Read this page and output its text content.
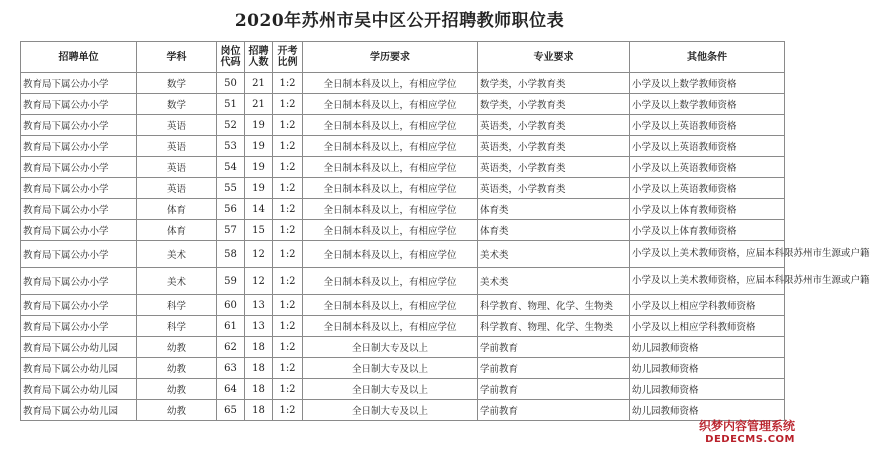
2020年苏州市吴中区公开招聘教师职位表
招聘单位	学科	岗位代码	招聘人数	开考比例	学历要求	专业要求	其他条件
教育局下属公办小学	数学	50	21	1:2	全日制本科及以上，有相应学位	数学类，小学教育类	小学及以上数学教师资格
教育局下属公办小学	数学	51	21	1:2	全日制本科及以上，有相应学位	数学类，小学教育类	小学及以上数学教师资格
教育局下属公办小学	英语	52	19	1:2	全日制本科及以上，有相应学位	英语类，小学教育类	小学及以上英语教师资格
教育局下属公办小学	英语	53	19	1:2	全日制本科及以上，有相应学位	英语类，小学教育类	小学及以上英语教师资格
教育局下属公办小学	英语	54	19	1:2	全日制本科及以上，有相应学位	英语类，小学教育类	小学及以上英语教师资格
教育局下属公办小学	英语	55	19	1:2	全日制本科及以上，有相应学位	英语类，小学教育类	小学及以上英语教师资格
教育局下属公办小学	体育	56	14	1:2	全日制本科及以上，有相应学位	体育类	小学及以上体育教师资格
教育局下属公办小学	体育	57	15	1:2	全日制本科及以上，有相应学位	体育类	小学及以上体育教师资格
教育局下属公办小学	美术	58	12	1:2	全日制本科及以上，有相应学位	美术类	小学及以上美术教师资格，应届本科限苏州市生源或户籍
教育局下属公办小学	美术	59	12	1:2	全日制本科及以上，有相应学位	美术类	小学及以上美术教师资格，应届本科限苏州市生源或户籍
教育局下属公办小学	科学	60	13	1:2	全日制本科及以上，有相应学位	科学教育、物理、化学、生物类	小学及以上相应学科教师资格
教育局下属公办小学	科学	61	13	1:2	全日制本科及以上，有相应学位	科学教育、物理、化学、生物类	小学及以上相应学科教师资格
教育局下属公办幼儿园	幼教	62	18	1:2	全日制大专及以上	学前教育	幼儿园教师资格
教育局下属公办幼儿园	幼教	63	18	1:2	全日制大专及以上	学前教育	幼儿园教师资格
教育局下属公办幼儿园	幼教	64	18	1:2	全日制大专及以上	学前教育	幼儿园教师资格
教育局下属公办幼儿园	幼教	65	18	1:2	全日制大专及以上	学前教育	幼儿园教师资格
织梦内容管理系统
DEDECMS.COM
